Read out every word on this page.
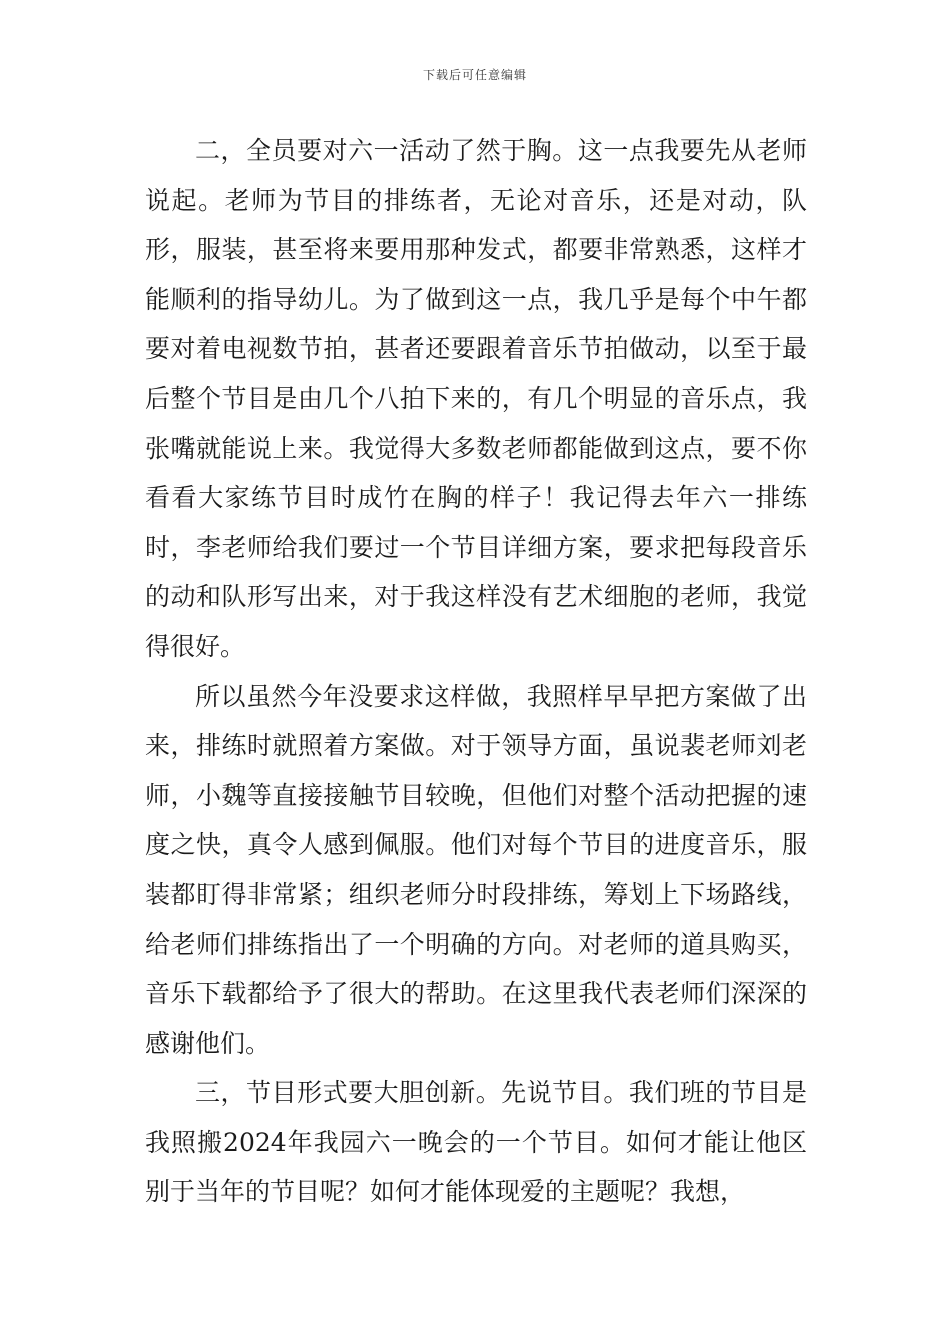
下载后可任意编辑

二，全员要对六一活动了然于胸。这一点我要先从老师说起。老师为节目的排练者，无论对音乐，还是对动，队形，服装，甚至将来要用那种发式，都要非常熟悉，这样才能顺利的指导幼儿。为了做到这一点，我几乎是每个中午都要对着电视数节拍，甚者还要跟着音乐节拍做动，以至于最后整个节目是由几个八拍下来的，有几个明显的音乐点，我张嘴就能说上来。我觉得大多数老师都能做到这点，要不你看看大家练节目时成竹在胸的样子！我记得去年六一排练时，李老师给我们要过一个节目详细方案，要求把每段音乐的动和队形写出来，对于我这样没有艺术细胞的老师，我觉得很好。

所以虽然今年没要求这样做，我照样早早把方案做了出来，排练时就照着方案做。对于领导方面，虽说裴老师刘老师，小魏等直接接触节目较晚，但他们对整个活动把握的速度之快，真令人感到佩服。他们对每个节目的进度音乐，服装都盯得非常紧；组织老师分时段排练，筹划上下场路线，给老师们排练指出了一个明确的方向。对老师的道具购买，音乐下载都给予了很大的帮助。在这里我代表老师们深深的感谢他们。

三，节目形式要大胆创新。先说节目。我们班的节目是我照搬2024年我园六一晚会的一个节目。如何才能让他区别于当年的节目呢？如何才能体现爱的主题呢？我想，
